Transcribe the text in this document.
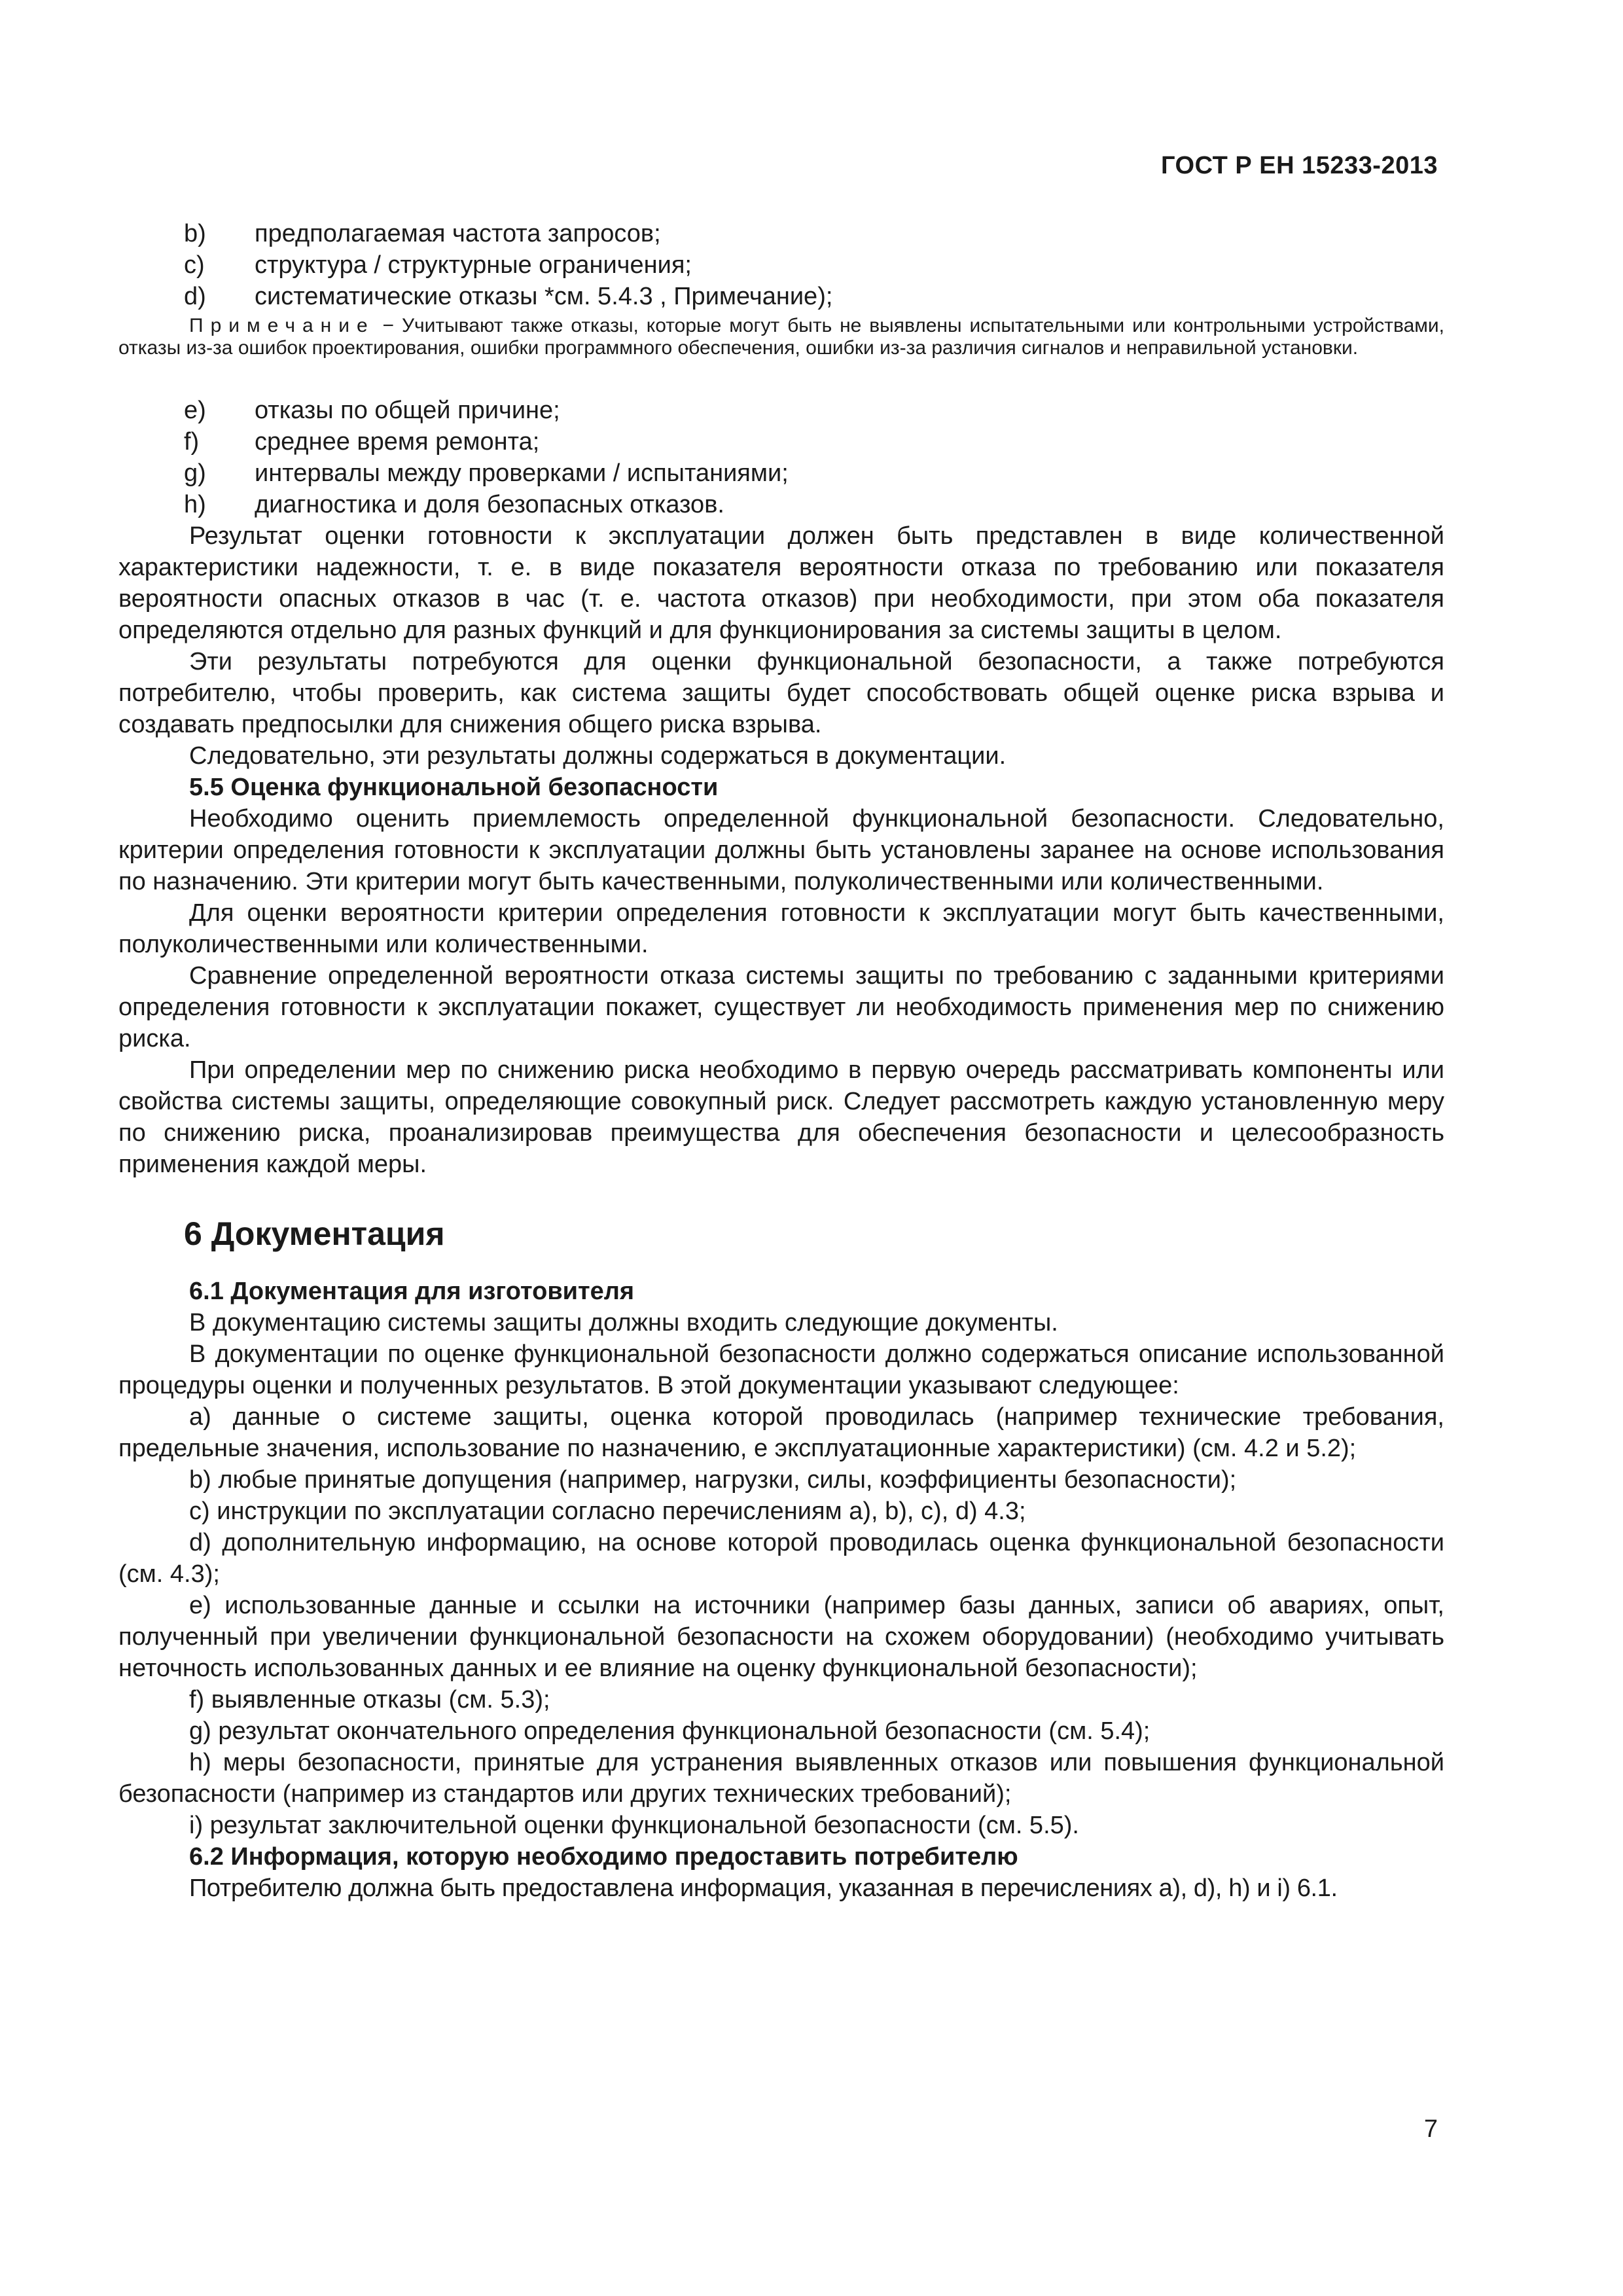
ГОСТ Р ЕН 15233-2013
b)	предполагаемая частота запросов;
c)	структура / структурные ограничения;
d)	систематические отказы *см. 5.4.3 , Примечание);

Примечание − Учитывают также отказы, которые могут быть не выявлены испытательными или контрольными устройствами, отказы из-за ошибок проектирования, ошибки программного обеспечения, ошибки из-за различия сигналов и неправильной установки.

e)	отказы по общей причине;
f)	среднее время ремонта;
g)	интервалы между проверками / испытаниями;
h)	диагностика и доля безопасных отказов.

Результат оценки готовности к эксплуатации должен быть представлен в виде количественной характеристики надежности, т. е. в виде показателя вероятности отказа по требованию или показателя вероятности опасных отказов в час (т. е. частота отказов) при необходимости, при этом оба показателя определяются отдельно для разных функций и для функционирования за системы защиты в целом.

Эти результаты потребуются для оценки функциональной безопасности, а также потребуются потребителю, чтобы проверить, как система защиты будет способствовать общей оценке риска взрыва и создавать предпосылки для снижения общего риска взрыва.

Следовательно, эти результаты должны содержаться в документации.

5.5 Оценка функциональной безопасности

Необходимо оценить приемлемость определенной функциональной безопасности. Следовательно, критерии определения готовности к эксплуатации должны быть установлены заранее на основе использования по назначению. Эти критерии могут быть качественными, полуколичественными или количественными.

Для оценки вероятности критерии определения готовности к эксплуатации могут быть качественными, полуколичественными или количественными.

Сравнение определенной вероятности отказа системы защиты по требованию с заданными критериями определения готовности к эксплуатации покажет, существует ли необходимость применения мер по снижению риска.

При определении мер по снижению риска необходимо в первую очередь рассматривать компоненты или свойства системы защиты, определяющие совокупный риск. Следует рассмотреть каждую установленную меру по снижению риска, проанализировав преимущества для обеспечения безопасности и целесообразность применения каждой меры.

6 Документация

6.1 Документация для изготовителя

В документацию системы защиты должны входить следующие документы.

В документации по оценке функциональной безопасности должно содержаться описание использованной процедуры оценки и полученных результатов. В этой документации указывают следующее:

a) данные о системе защиты, оценка которой проводилась (например технические требования, предельные значения, использование по назначению, е эксплуатационные характеристики) (см. 4.2 и 5.2);

b) любые принятые допущения (например, нагрузки, силы, коэффициенты безопасности);

c) инструкции по эксплуатации согласно перечислениям a), b), c), d) 4.3;

d) дополнительную информацию, на основе которой проводилась оценка функциональной безопасности (см. 4.3);

e) использованные данные и ссылки на источники (например базы данных, записи об авариях, опыт, полученный при увеличении функциональной безопасности на схожем оборудовании) (необходимо учитывать неточность использованных данных и ее влияние на оценку функциональной безопасности);

f) выявленные отказы (см. 5.3);

g) результат окончательного определения функциональной безопасности (см. 5.4);

h) меры безопасности, принятые для устранения выявленных отказов или повышения функциональной безопасности (например из стандартов или других технических требований);

i) результат заключительной оценки функциональной безопасности (см. 5.5).

6.2 Информация, которую необходимо предоставить потребителю

Потребителю должна быть предоставлена информация, указанная в перечислениях a), d), h) и i) 6.1.

7
